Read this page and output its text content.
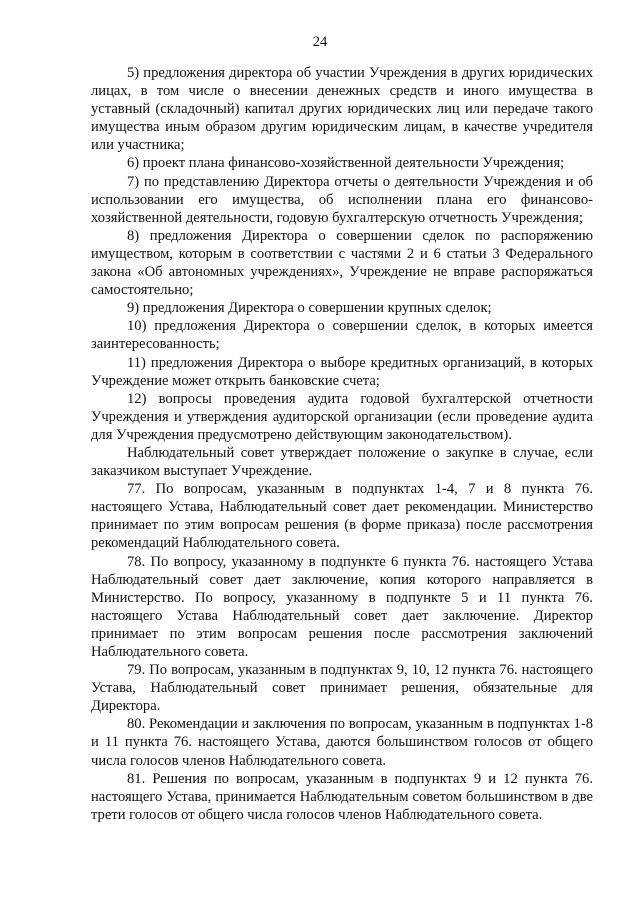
24

5) предложения директора об участии Учреждения в других юридических лицах, в том числе о внесении денежных средств и иного имущества в уставный (складочный) капитал других юридических лиц или передаче такого имущества иным образом другим юридическим лицам, в качестве учредителя или участника;

6) проект плана финансово-хозяйственной деятельности Учреждения;

7) по представлению Директора отчеты о деятельности Учреждения и об использовании его имущества, об исполнении плана его финансово-хозяйственной деятельности, годовую бухгалтерскую отчетность Учреждения;

8) предложения Директора о совершении сделок по распоряжению имуществом, которым в соответствии с частями 2 и 6 статьи 3 Федерального закона «Об автономных учреждениях», Учреждение не вправе распоряжаться самостоятельно;

9) предложения Директора о совершении крупных сделок;

10) предложения Директора о совершении сделок, в которых имеется заинтересованность;

11) предложения Директора о выборе кредитных организаций, в которых Учреждение может открыть банковские счета;

12) вопросы проведения аудита годовой бухгалтерской отчетности Учреждения и утверждения аудиторской организации (если проведение аудита для Учреждения предусмотрено действующим законодательством).

Наблюдательный совет утверждает положение о закупке в случае, если заказчиком выступает Учреждение.

77. По вопросам, указанным в подпунктах 1-4, 7 и 8 пункта 76. настоящего Устава, Наблюдательный совет дает рекомендации. Министерство принимает по этим вопросам решения (в форме приказа) после рассмотрения рекомендаций Наблюдательного совета.

78. По вопросу, указанному в подпункте 6 пункта 76. настоящего Устава Наблюдательный совет дает заключение, копия которого направляется в Министерство. По вопросу, указанному в подпункте 5 и 11 пункта 76. настоящего Устава Наблюдательный совет дает заключение. Директор принимает по этим вопросам решения после рассмотрения заключений Наблюдательного совета.

79. По вопросам, указанным в подпунктах 9, 10, 12 пункта 76. настоящего Устава, Наблюдательный совет принимает решения, обязательные для Директора.

80. Рекомендации и заключения по вопросам, указанным в подпунктах 1-8 и 11 пункта 76. настоящего Устава, даются большинством голосов от общего числа голосов членов Наблюдательного совета.

81. Решения по вопросам, указанным в подпунктах 9 и 12 пункта 76. настоящего Устава, принимается Наблюдательным советом большинством в две трети голосов от общего числа голосов членов Наблюдательного совета.
